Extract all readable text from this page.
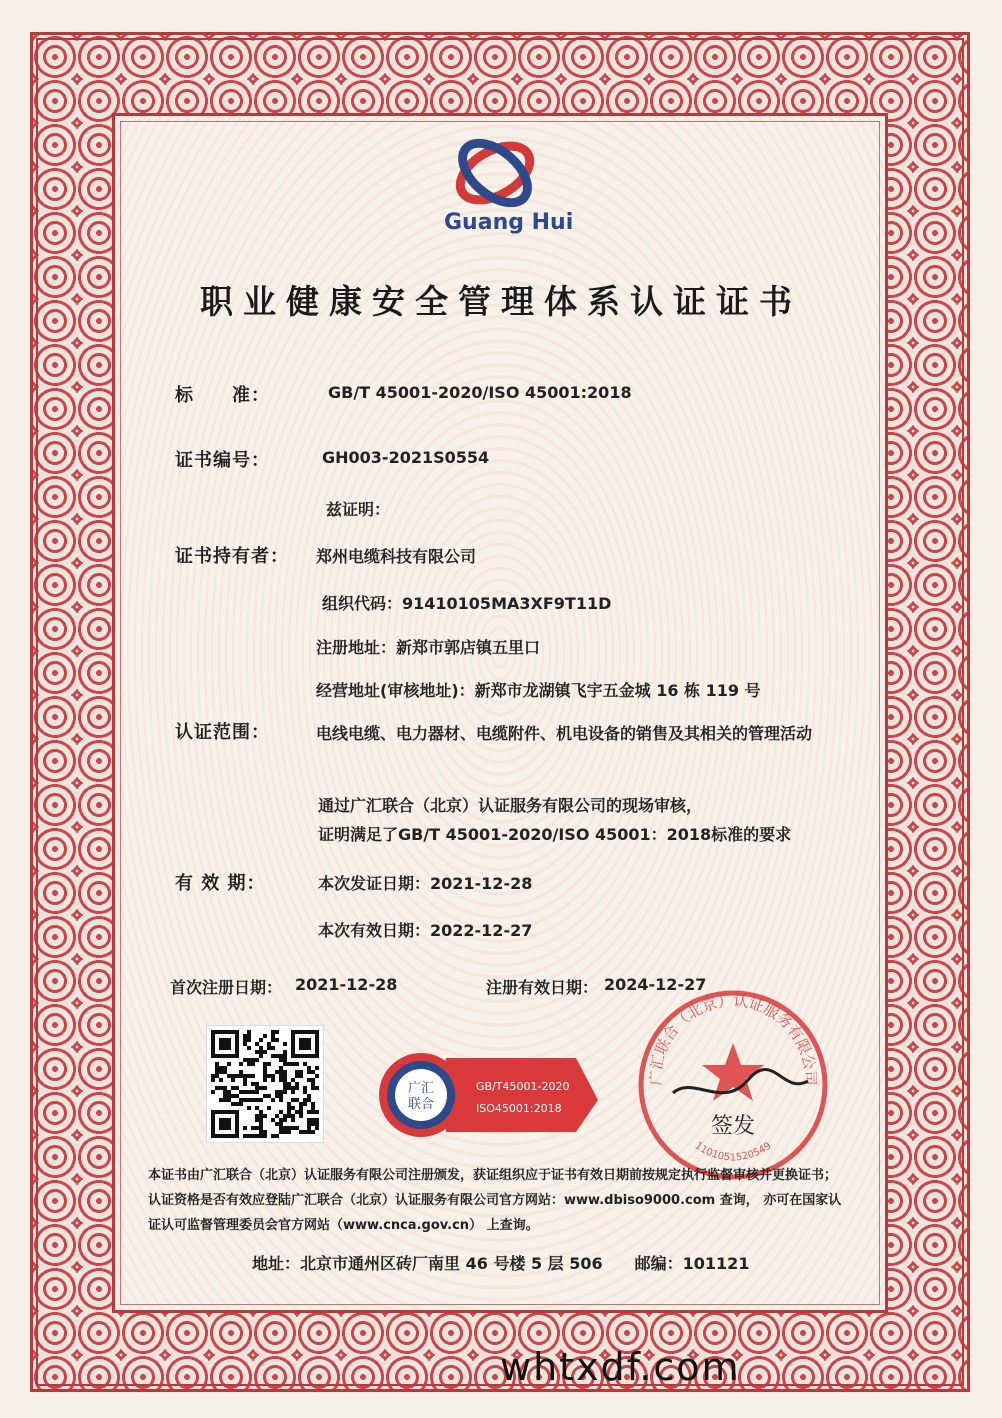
Guang Hui
职业健康安全管理体系认证证书
标　　准：	GB/T 45001-2020/ISO 45001:2018
证书编号：	GH003-2021S0554
兹证明：
证书持有者： 郑州电缆科技有限公司
组织代码：91410105MA3XF9T11D
注册地址：新郑市郭店镇五里口
经营地址(审核地址)：新郑市龙湖镇飞宇五金城 16 栋 119 号
认证范围：	电线电缆、电力器材、电缆附件、机电设备的销售及其相关的管理活动
通过广汇联合（北京）认证服务有限公司的现场审核，
证明满足了GB/T 45001-2020/ISO 45001：2018标准的要求
有 效 期：	本次发证日期：2021-12-28
本次有效日期：2022-12-27
首次注册日期： 2021-12-28	注册有效日期： 2024-12-27
广汇
联合
GB/T45001-2020
ISO45001:2018
广汇联合（北京）认证服务有限公司
1101051520549
签发
本证书由广汇联合（北京）认证服务有限公司注册颁发，获证组织应于证书有效日期前按规定执行监督审核并更换证书；
认证资格是否有效应登陆广汇联合（北京）认证服务有限公司官方网站：www.dbiso9000.com 查询， 亦可在国家认
证认可监督管理委员会官方网站（www.cnca.gov.cn） 上查询。
地址：北京市通州区砖厂南里 46 号楼 5 层 506　　邮编：101121
whtxdf.com
